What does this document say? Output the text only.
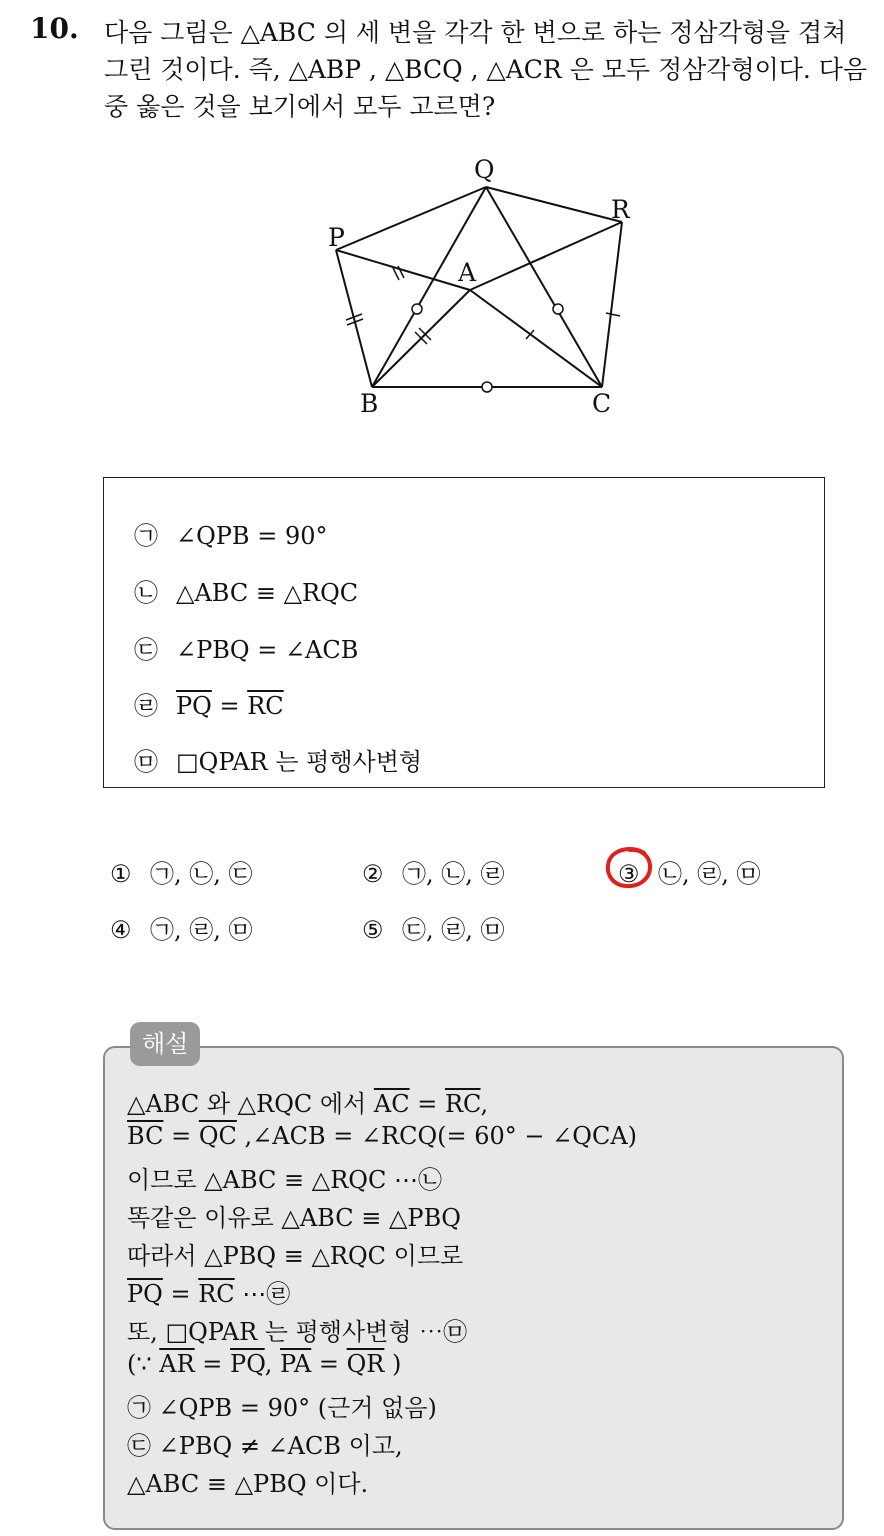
10. 다음 그림은 △ABC 의 세 변을 각각 한 변으로 하는 정삼각형을 겹쳐
그린 것이다. 즉, △ABP , △BCQ , △ACR 은 모두 정삼각형이다. 다음
중 옳은 것을 보기에서 모두 고르면?
Q
R
P
A
B	C
㉠ ∠QPB = 90°
㉡ △ABC ≡ △RQC
㉢ ∠PBQ = ∠ACB
㉣ $\overline{PQ} = \overline{RC}$
㉤ □QPAR 는 평행사변형
① ㉠, ㉡, ㉢	② ㉠, ㉡, ㉣	③ ㉡, ㉣, ㉤
④ ㉠, ㉣, ㉤	⑤ ㉢, ㉣, ㉤
△ABC 와 △RQC 에서 $\overline{AC} = \overline{RC}$,
$\overline{BC} = \overline{QC}$ ,∠ACB = ∠RCQ(= 60° − ∠QCA)
이므로 △ABC ≡ △RQC ⋯㉡
똑같은 이유로 △ABC ≡ △PBQ
따라서 △PBQ ≡ △RQC 이므로
$\overline{PQ} = \overline{RC}$ ⋯㉣
또, □QPAR 는 평행사변형 ⋯㉤
(∵ $\overline{AR} = \overline{PQ}$, $\overline{PA} = \overline{QR}$ )
㉠ ∠QPB = 90° (근거 없음)
㉢ ∠PBQ ≠ ∠ACB 이고,
△ABC ≡ △PBQ 이다.
해설
